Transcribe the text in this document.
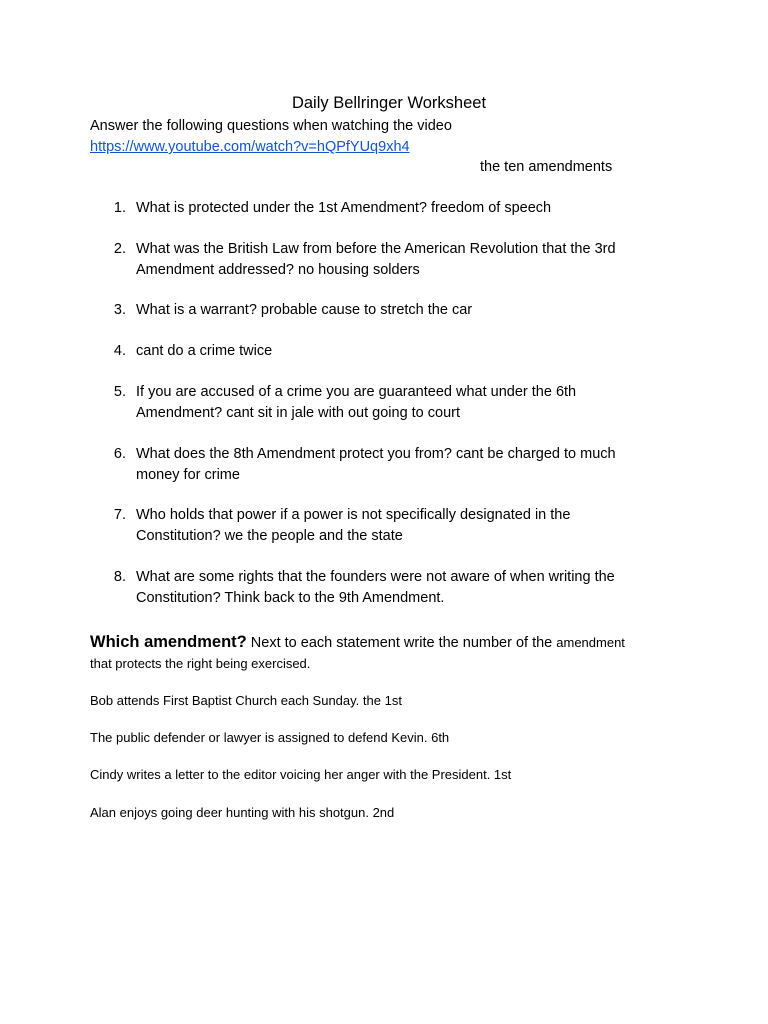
Daily Bellringer Worksheet
Answer the following questions when watching the video
https://www.youtube.com/watch?v=hQPfYUq9xh4
the ten amendments
1. What is protected under the 1st Amendment? freedom of speech
2. What was the British Law from before the American Revolution that the 3rd
Amendment addressed? no housing solders
3. What is a warrant? probable cause to stretch the car
4. cant do a crime twice
5. If you are accused of a crime you are guaranteed what under the 6th
Amendment? cant sit in jale with out going to court
6. What does the 8th Amendment protect you from? cant be charged to much
money for crime
7. Who holds that power if a power is not specifically designated in the
Constitution? we the people and the state
8. What are some rights that the founders were not aware of when writing the
Constitution? Think back to the 9th Amendment.
Which amendment? Next to each statement write the number of the amendment
that protects the right being exercised.
Bob attends First Baptist Church each Sunday. the 1st
The public defender or lawyer is assigned to defend Kevin. 6th
Cindy writes a letter to the editor voicing her anger with the President. 1st
Alan enjoys going deer hunting with his shotgun. 2nd
